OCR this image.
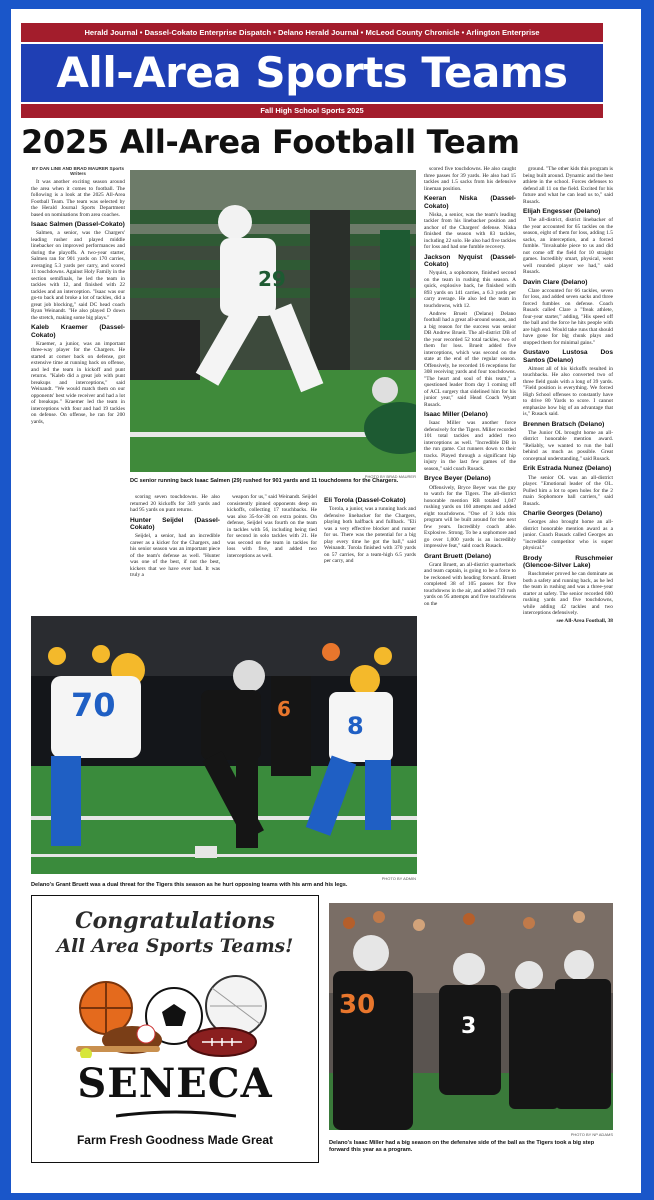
Herald Journal • Dassel-Cokato Enterprise Dispatch • Delano Herald Journal • McLeod County Chronicle • Arlington Enterprise
All-Area Sports Teams
Fall High School Sports 2025
2025 All-Area Football Team

BY DAN LINE AND BRAD MAURER Sports Writers

It was another exciting season around the area when it comes to football. The following is a look at the 2025 All-Area Football Team. The team was selected by the Herald Journal Sports Department based on nominations from area coaches.

Isaac Salmen (Dassel-Cokato)

Salmen, a senior, was the Chargers' leading rusher and played middle linebacker on improved performances and during the playoffs. A two-year starter, Salmen ran for 901 yards on 170 carries, averaging 5.3 yards per carry, and scored 11 touchdowns. Against Holy Family in the section semifinals, he led the team in tackles with 12, and finished with 22 tackles and an interception. "Isaac was our go-to back and broke a lot of tackles, did a great job blocking," said DC head coach Ryan Weinandt. "He also played D down the stretch, making some big plays."

Kaleb Kraemer (Dassel-Cokato)

Kraemer, a junior, was an important three-way player for the Chargers. He started at corner back on defense, got extensive time at running back on offense, and led the team in kickoff and punt returns. "Kaleb did a great job with punt breakups and interceptions," said Weinandt. "We would match them on our opponents' best wide receiver and had a lot of breakups." Kraemer led the team in interceptions with four and had 19 tackles on defense. On offense, he ran for 200 yards,

29
PHOTO BY BRAD MAURER
DC senior running back Isaac Salmen (29) rushed for 901 yards and 11 touchdowns for the Chargers.

scoring seven touchdowns. He also returned 20 kickoffs for 349 yards and had 95 yards on punt returns.

Hunter Seijdel (Dassel-Cokato)

Seijdel, a senior, had an incredible career as a kicker for the Chargers, and his senior season was an important piece of the team's defense as well. "Hunter was one of the best, if not the best, kickers that we have ever had. It was truly a

weapon for us," said Weinandt. Seijdel consistently pinned opponents deep on kickoffs, collecting 17 touchbacks. He was also 35-for-38 on extra points. On defense, Seijdel was fourth on the team in tackles with 56, including being tied for second in solo tackles with 21. He was second on the team in tackles for loss with five, and added two interceptions as well.

Eli Torola (Dassel-Cokato)

Torola, a junior, was a running back and defensive linebacker for the Chargers, playing both halfback and fullback. "Eli was a very effective blocker and runner for us. There was the potential for a big play every time he got the ball," said Weinandt. Torola finished with 370 yards on 57 carries, for a team-high 6.5 yards per carry, and

scored five touchdowns. He also caught three passes for 39 yards. He also had 15 tackles and 1.5 sacks from his defensive lineman position.

Keeran Niska (Dassel-Cokato)

Niska, a senior, was the team's leading tackler from his linebacker position and anchor of the Chargers' defense. Niska finished the season with 83 tackles, including 22 solo. He also had five tackles for loss and had one fumble recovery.

Jackson Nyquist (Dassel-Cokato)

Nyquist, a sophomore, finished second on the team in rushing this season. A quick, explosive back, he finished with 893 yards on 141 carries, a 6.3 yards per carry average. He also led the team in touchdowns, with 12.

Andrew Brueit (Delano) Delano football had a great all-around season, and a big reason for the success was senior DB Andrew Brueit. The all-district DB of the year recorded 52 total tackles, two of them for loss. Brueit added five interceptions, which was second on the state at the end of the regular season. Offensively, he recorded 16 receptions for 308 receiving yards and four touchdowns. "The heart and soul of this team," a questioned leader from day 1 coming off of ACL surgery that sidelined him for his junior year," said Head Coach Wyatt Rusack.

Isaac Miller (Delano)

Isaac Miller was another force defensively for the Tigers. Miller recorded 101 total tackles and added two interceptions as well. "Incredible DB in the run game. Cut runners down to their tracks. Played through a significant hip injury in the last few games of the season," said coach Rusack.

Bryce Beyer (Delano)

Offensively, Bryce Beyer was the guy to watch for the Tigers. The all-district honorable mention RB totaled 1,047 rushing yards on 160 attempts and added eight touchdowns. "One of 3 kids this program will be built around for the next few years. Incredibly coach able. Explosive. Strong. To be a sophomore and go over 1,000 yards is an incredibly impressive feat," said coach Rusack.

Grant Bruett (Delano)

Grant Bruett, an all-district quarterback and team captain, is going to be a force to be reckoned with heading forward. Bruett completed 38 of 105 passes for five touchdowns in the air, and added 719 rush yards on 95 attempts and five touchdowns on the

ground. "The other kids this program is being built around. Dynamic and the best athlete in the school. Forces defenses to defend all 11 on the field. Excited for his future and what he can lead us to," said Rusack.

Elijah Engesser (Delano)

The all-district, district linebacker of the year accounted for 65 tackles on the season, eight of them for loss, adding 1.5 sacks, an interception, and a forced fumble. "Invaluable piece to us and did not come off the field for 10 straight games. Incredibly smart, physical, went well rounded player we had," said Rusack.

Davin Clare (Delano)

Clare accounted for 66 tackles, seven for loss, and added seven sacks and three forced fumbles on defense. Coach Rusack called Clare a "freak athlete, four-year starter," adding, "His speed off the ball and the force he hits people with are high end. Would take runs that should have gone for big chunk plays and stopped them for minimal gains."

Gustavo Lustosa Dos Santos (Delano)

Almost all of his kickoffs resulted in touchbacks. He also converted two of three field goals with a long of 39 yards. "Field position is everything. We forced High School offenses to constantly have to drive 80 Yards to score. I cannot emphasize how big of an advantage that is," Rusack said.

Brennen Bratsch (Delano)

The Junior OL brought home an all-district honorable mention award. "Reliably, we wanted to run the ball behind as much as possible. Great conceptual understanding," said Rusack.

Erik Estrada Nunez (Delano)

The senior OL was an all-district player. "Emotional leader of the OL. Pulled him a lot to open holes for the 2 main Sophomore ball carriers," said Rusack.

Charlie Georges (Delano)

Georges also brought home an all-district honorable mention award as a junior. Coach Rusack called Georges an "incredible competitor who is super physical."

Brody Ruschmeier (Glencoe-Silver Lake)

Ruschmeier proved he can dominate as both a safety and running back, as he led the team in rushing and was a three-year starter at safety. The senior recorded 600 rushing yards and five touchdowns, while adding 42 tackles and two interceptions defensively.

see All-Area Football, 38

70
8
6
PHOTO BY ADMIN
Delano's Grant Bruett was a dual threat for the Tigers this season as he hurt opposing teams with his arm and his legs.
Congratulations
All Area Sports Teams!
SENECA
Farm Fresh Goodness Made Great
30
3
PHOTO BY NP ADAMS
Delano's Isaac Miller had a big season on the defensive side of the ball as the Tigers took a big step forward this year as a program.
